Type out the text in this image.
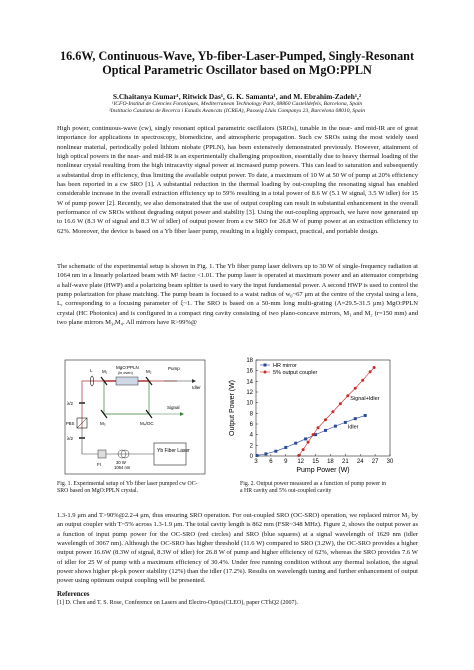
16.6W, Continuous-Wave, Yb-fiber-Laser-Pumped, Singly-Resonant Optical Parametric Oscillator based on MgO:PPLN
S.Chaitanya Kumar¹, Ritwick Das¹, G. K. Samanta¹, and M. Ebrahim-Zadeh¹,²
¹ICFO-Institut de Ciencies Fotoniques, Mediterranean Technology Park, 08860 Castelldefels, Barcelona, Spain
²Institucio Catalana de Recerca i Estudis Avancats (ICREA), Passeig Lluis Companys 23, Barcelona 08010, Spain
High power, continuous-wave (cw), singly resonant optical parametric oscillators (SROs), tunable in the near- and mid-IR are of great importance for applications in spectroscopy, biomedicine, and atmospheric propagation. Such cw SROs using the most widely used nonlinear material, periodically poled lithium niobate (PPLN), has been extensively demonstrated previously. However, attainment of high optical powers in the near- and mid-IR is an experimentally challenging proposition, essentially due to heavy thermal loading of the nonlinear crystal resulting from the high intracavity signal power at increased pump powers. This can lead to saturation and subsequently a substantial drop in efficiency, thus limiting the available output power. To date, a maximum of 10 W at 50 W of pump at 20% efficiency has been reported in a cw SRO [1]. A substantial reduction in the thermal loading by out-coupling the resonating signal has enabled considerable increase in the overall extraction efficiency up to 59% resulting in a total power of 8.6 W (5.1 W signal, 3.5 W idler) for 15 W of pump power [2]. Recently, we also demonstrated that the use of output coupling can result in substantial enhancement in the overall performance of cw SROs without degrading output power and stability [3]. Using the out-coupling approach, we have now generated up to 16.6 W (8.3 W of signal and 8.3 W of idler) of output power from a cw SRO for 26.8 W of pump power at an extraction efficiency to 62%. Moreover, the device is based on a Yb fiber laser pump, resulting in a highly compact, practical, and portable design.
The schematic of the experimental setup is shown in Fig. 1. The Yb fiber pump laser delivers up to 30 W of single-frequency radiation at 1064 nm in a linearly polarized beam with M² factor <1.01. The pump laser is operated at maximum power and an attenuator comprising a half-wave plate (HWP) and a polarizing beam splitter is used to vary the input fundamental power. A second HWP is used to control the pump polarization for phase matching. The pump beam is focused to a waist radius of w₀~67 μm at the centre of the crystal using a lens, L, corresponding to a focusing parameter of ξ~1. The SRO is based on a 50-mm long multi-grating (Λ=29.5-31.5 μm) MgO:PPLN crystal (HC Photonics) and is configured in a compact ring cavity consisting of two plano-concave mirrors, M₁ and M₂ (r=150 mm) and two plane mirrors M₃,M₄. All mirrors have R>99%@
L M₁
MgO:PPLN
(in oven)	M₂
Pump
Idler
Signal
M₃	M₄/OC
λ/2
λ/2
PBS
FI
Yb Fiber Laser
30 W
1064 nm
Fig. 1. Experimental setup of Yb fiber laser pumped cw OC-SRO based on MgO:PPLN crystal.
3 6 9 12 15 18 21 24 27 30
0
2
4
6
8
10
12
14
16
18
Pump Power (W)
Output Power (W)
HR mirror
5% output coupler
Idler
Signal+Idler
Fig. 2. Output power measured as a function of pump power in a HR cavity and 5% out-coupled cavity
1.3-1.9 μm and T>90%@2.2-4 μm, thus ensuring SRO operation. For out-coupled SRO (OC-SRO) operation, we replaced mirror M₃ by an output coupler with T~5% across 1.3-1.9 μm. The total cavity length is 862 mm (FSR~348 MHz). Figure 2, shows the output power as a function of input pump power for the OC-SRO (red circles) and SRO (blue squares) at a signal wavelength of 1629 nm (idler wavelength of 3067 nm). Although the OC-SRO has higher threshold (11.6 W) compared to SRO (3.2W), the OC-SRO provides a higher output power 16.6W (8.3W of signal, 8.3W of idler) for 26.8 W of pump and higher efficiency of 62%, whereas the SRO provides 7.6 W of idler for 25 W of pump with a maximum efficiency of 30.4%. Under free running condition without any thermal isolation, the signal power shows higher pk-pk power stability (12%) than the idler (17.2%). Results on wavelength tuning and further enhancement of output power using optimum output coupling will be presented.
References
[1] D. Chen and T. S. Rose, Conference on Lasers and Electro-Optics(CLEO), paper CThQ2 (2007).
